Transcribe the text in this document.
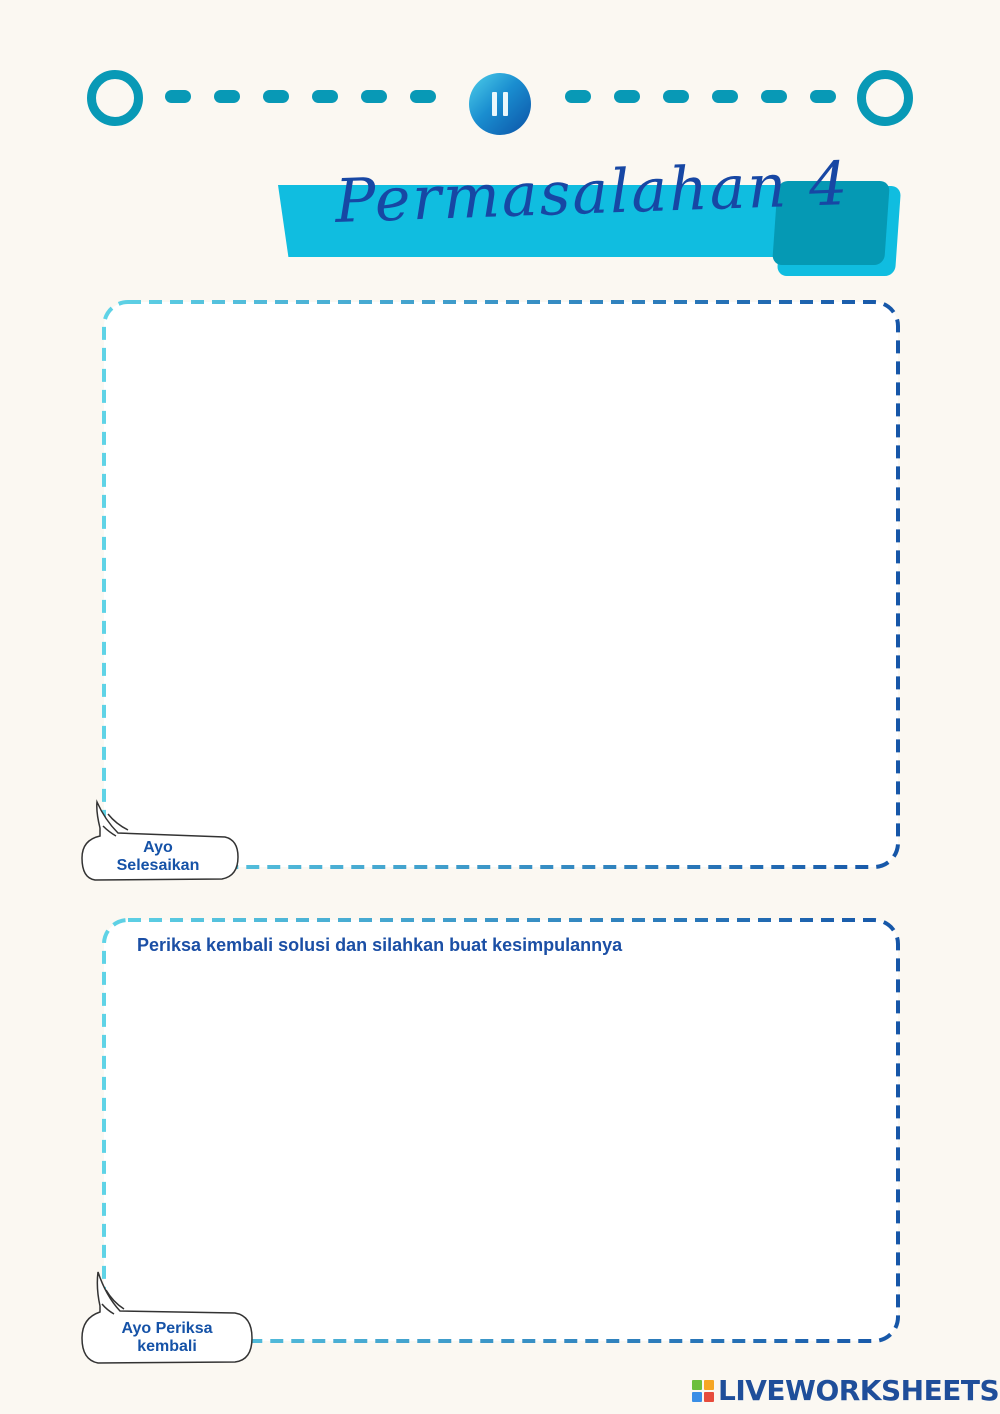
Permasalahan 4
Periksa kembali solusi dan silahkan buat kesimpulannya
Ayo
Selesaikan
Ayo Periksa
kembali
LIVEWORKSHEETS
